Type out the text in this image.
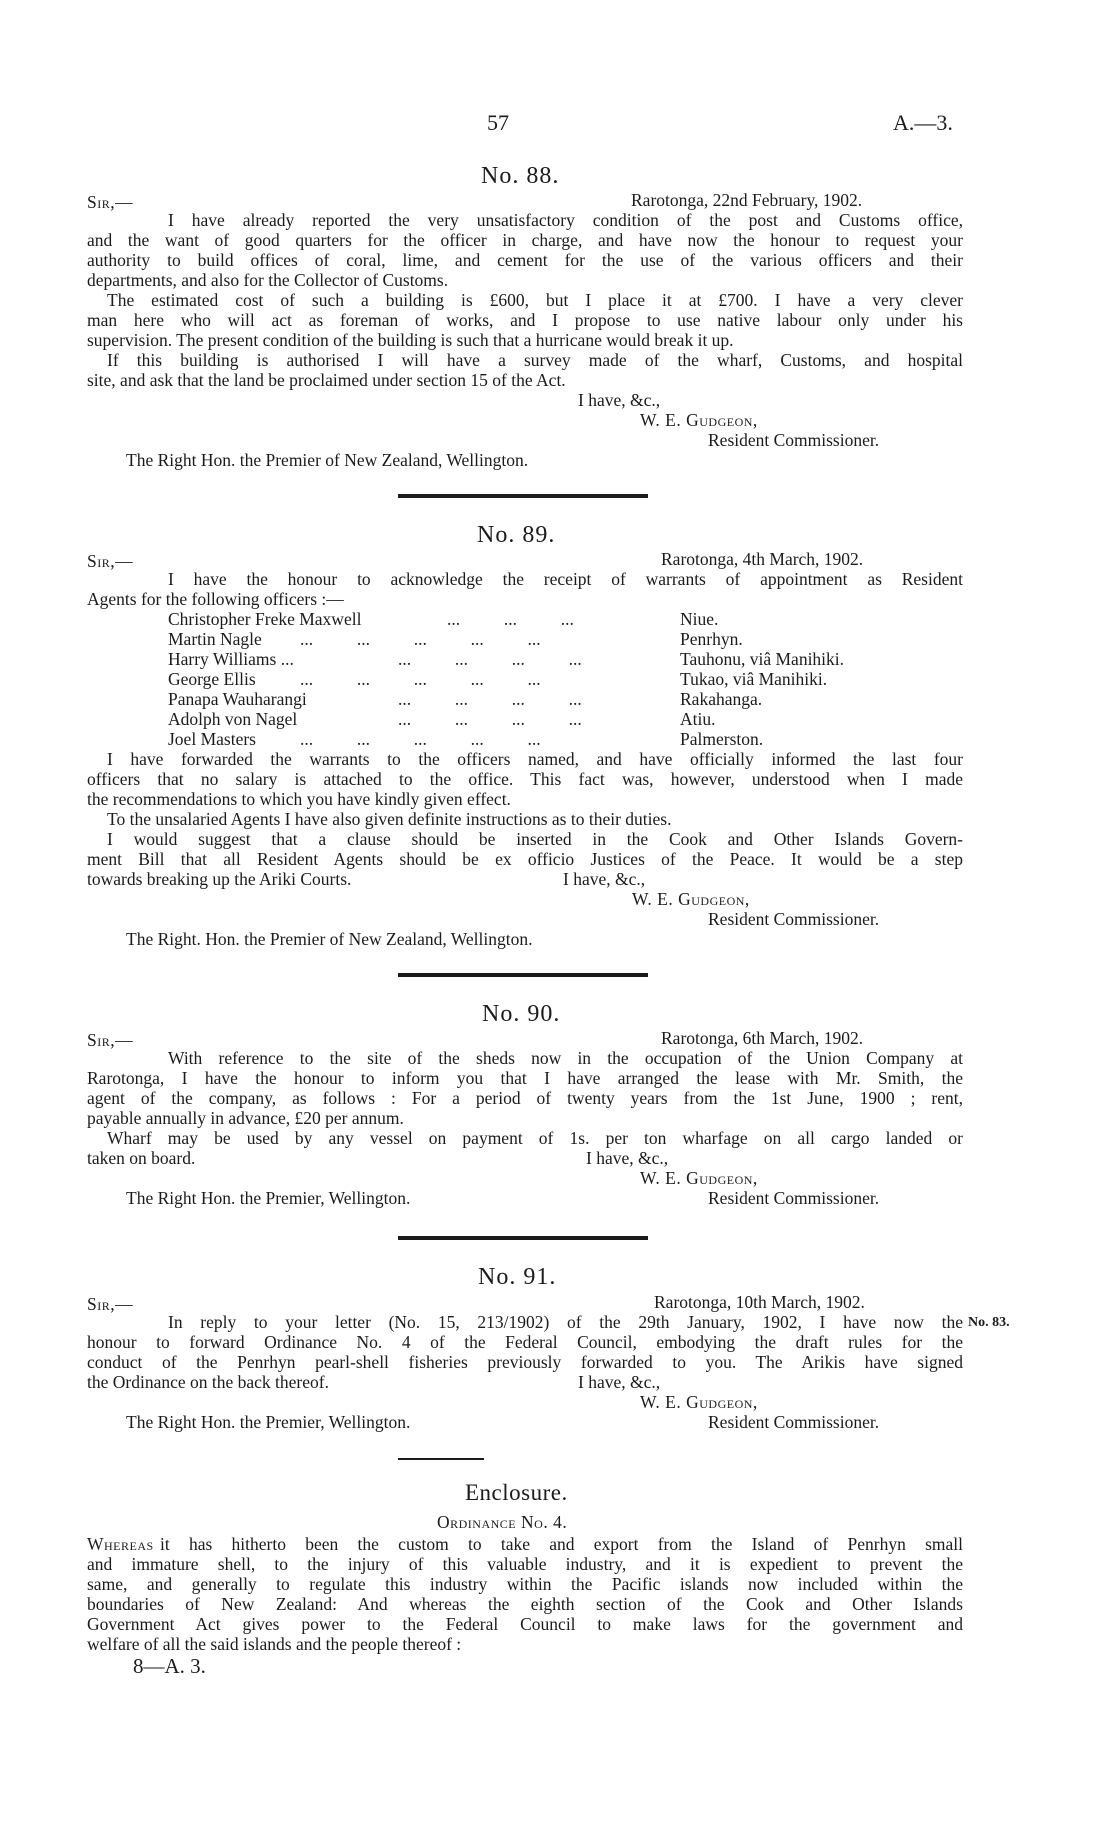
57	A.—3.
No. 88.
Sir,—	Rarotonga, 22nd February, 1902.
I have already reported the very unsatisfactory condition of the post and Customs office,
and the want of good quarters for the officer in charge, and have now the honour to request your
authority to build offices of coral, lime, and cement for the use of the various officers and their
departments, and also for the Collector of Customs.
The estimated cost of such a building is £600, but I place it at £700. I have a very clever
man here who will act as foreman of works, and I propose to use native labour only under his
supervision. The present condition of the building is such that a hurricane would break it up.
If this building is authorised I will have a survey made of the wharf, Customs, and hospital
site, and ask that the land be proclaimed under section 15 of the Act.
I have, &c.,
W. E. Gudgeon,
Resident Commissioner.
The Right Hon. the Premier of New Zealand, Wellington.
No. 89.
Sir,—	Rarotonga, 4th March, 1902.
I have the honour to acknowledge the receipt of warrants of appointment as Resident
Agents for the following officers :—
Christopher Freke Maxwell	...          ...          ...	Niue.
Martin Nagle ...          ...          ...          ...          ...	Penrhyn.
Harry Williams ...	...          ...          ...          ...	Tauhonu, viâ Manihiki.
George Ellis	...          ...          ...          ...          ...	Tukao, viâ Manihiki.
Panapa Wauharangi	...          ...          ...          ...	Rakahanga.
Adolph von Nagel	...          ...          ...          ...	Atiu.
Joel Masters	...          ...          ...          ...          ...	Palmerston.
I have forwarded the warrants to the officers named, and have officially informed the last four
officers that no salary is attached to the office. This fact was, however, understood when I made
the recommendations to which you have kindly given effect.
To the unsalaried Agents I have also given definite instructions as to their duties.
I would suggest that a clause should be inserted in the Cook and Other Islands Govern-
ment Bill that all Resident Agents should be ex officio Justices of the Peace. It would be a step
towards breaking up the Ariki Courts.	I have, &c.,
W. E. Gudgeon,
Resident Commissioner.
The Right. Hon. the Premier of New Zealand, Wellington.
No. 90.
Sir,—	Rarotonga, 6th March, 1902.
With reference to the site of the sheds now in the occupation of the Union Company at
Rarotonga, I have the honour to inform you that I have arranged the lease with Mr. Smith, the
agent of the company, as follows : For a period of twenty years from the 1st June, 1900 ; rent,
payable annually in advance, £20 per annum.
Wharf may be used by any vessel on payment of 1s. per ton wharfage on all cargo landed or
taken on board.	I have, &c.,
W. E. Gudgeon,
Resident Commissioner.
The Right Hon. the Premier, Wellington.
No. 91.
Sir,—	Rarotonga, 10th March, 1902.
No. 83.
In reply to your letter (No. 15, 213/1902) of the 29th January, 1902, I have now the
honour to forward Ordinance No. 4 of the Federal Council, embodying the draft rules for the
conduct of the Penrhyn pearl-shell fisheries previously forwarded to you. The Arikis have signed
the Ordinance on the back thereof.	I have, &c.,
W. E. Gudgeon,
Resident Commissioner.
The Right Hon. the Premier, Wellington.
Enclosure.
Ordinance No. 4.
Whereas it has hitherto been the custom to take and export from the Island of Penrhyn small
and immature shell, to the injury of this valuable industry, and it is expedient to prevent the
same, and generally to regulate this industry within the Pacific islands now included within the
boundaries of New Zealand: And whereas the eighth section of the Cook and Other Islands
Government Act gives power to the Federal Council to make laws for the government and
welfare of all the said islands and the people thereof :
8—A. 3.
